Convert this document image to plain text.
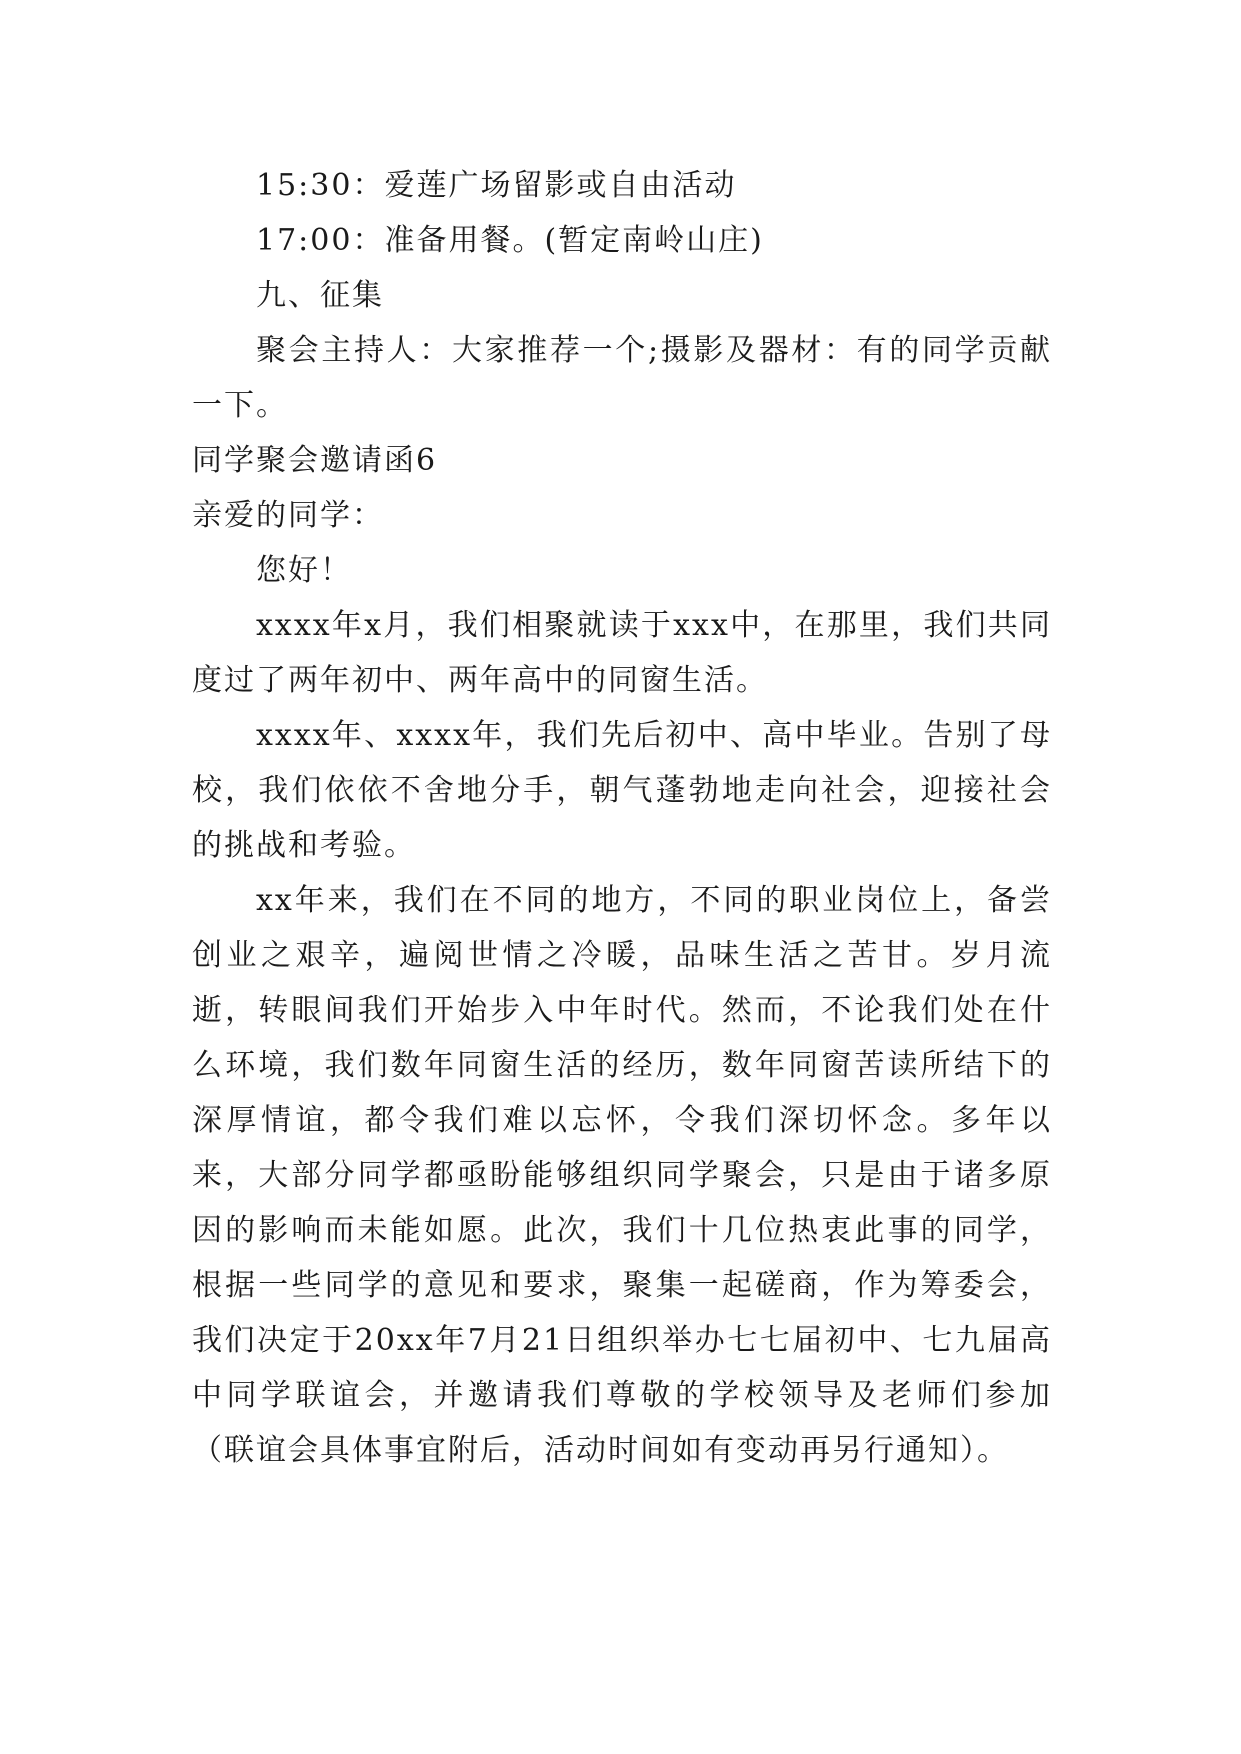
15:30：爱莲广场留影或自由活动

17:00：准备用餐。(暂定南岭山庄)

九、征集

聚会主持人：大家推荐一个;摄影及器材：有的同学贡献一下。

同学聚会邀请函6

亲爱的同学：

您好！

xxxx年x月，我们相聚就读于xxx中，在那里，我们共同度过了两年初中、两年高中的同窗生活。

xxxx年、xxxx年，我们先后初中、高中毕业。告别了母校，我们依依不舍地分手，朝气蓬勃地走向社会，迎接社会的挑战和考验。

xx年来，我们在不同的地方，不同的职业岗位上，备尝创业之艰辛，遍阅世情之冷暖，品味生活之苦甘。岁月流逝，转眼间我们开始步入中年时代。然而，不论我们处在什么环境，我们数年同窗生活的经历，数年同窗苦读所结下的深厚情谊，都令我们难以忘怀，令我们深切怀念。多年以来，大部分同学都亟盼能够组织同学聚会，只是由于诸多原因的影响而未能如愿。此次，我们十几位热衷此事的同学，根据一些同学的意见和要求，聚集一起磋商，作为筹委会，我们决定于20xx年7月21日组织举办七七届初中、七九届高中同学联谊会，并邀请我们尊敬的学校领导及老师们参加（联谊会具体事宜附后，活动时间如有变动再另行通知）。
